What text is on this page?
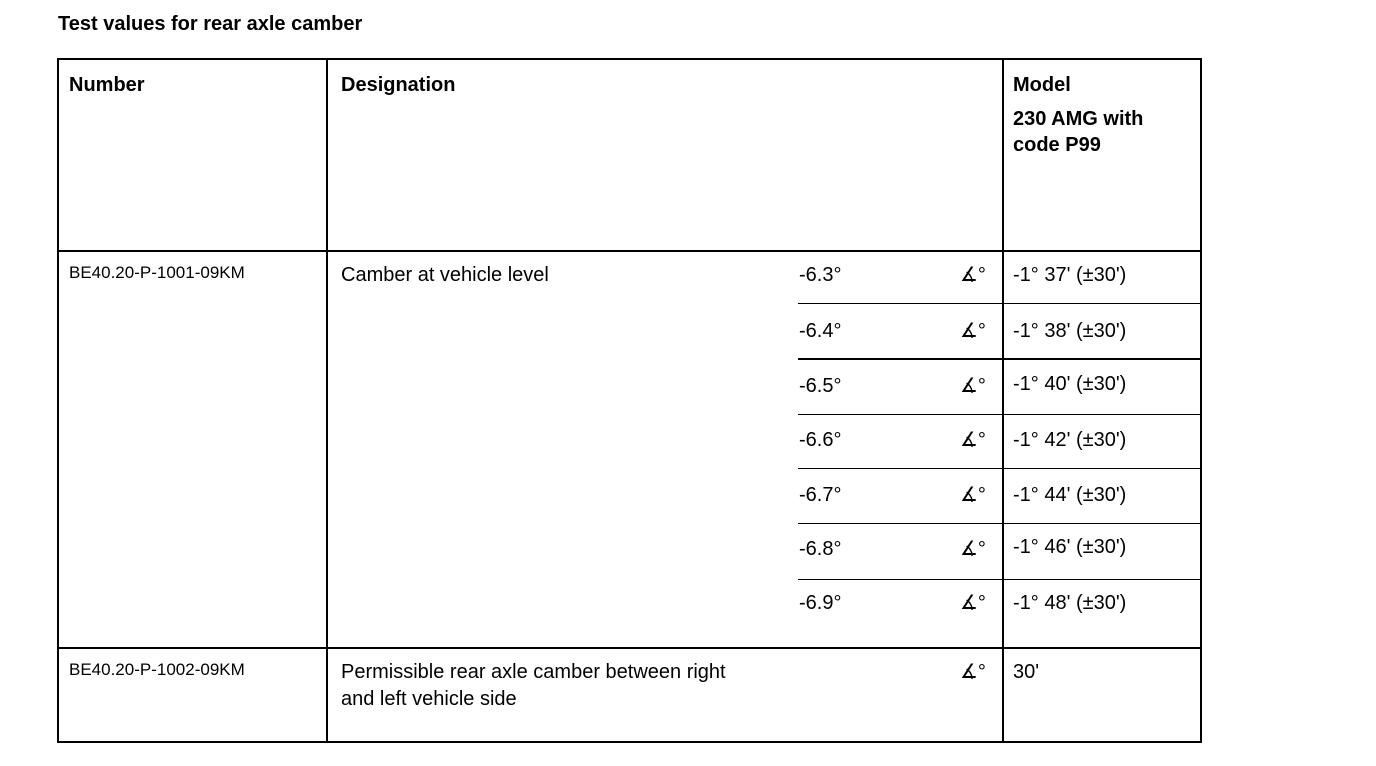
Test values for rear axle camber
Number	Designation	Model
230 AMG with
code P99
BE40.20-P-1001-09KM	Camber at vehicle level	-6.3°	∡° -1° 37' (±30')
-6.4°	∡° -1° 38' (±30')
-6.5°	∡° -1° 40' (±30')
-6.6°	∡° -1° 42' (±30')
-6.7°	∡° -1° 44' (±30')
-6.8°	∡° -1° 46' (±30')
-6.9°	∡° -1° 48' (±30')
BE40.20-P-1002-09KM	Permissible rear axle camber between right
and left vehicle side
∡° 30'
